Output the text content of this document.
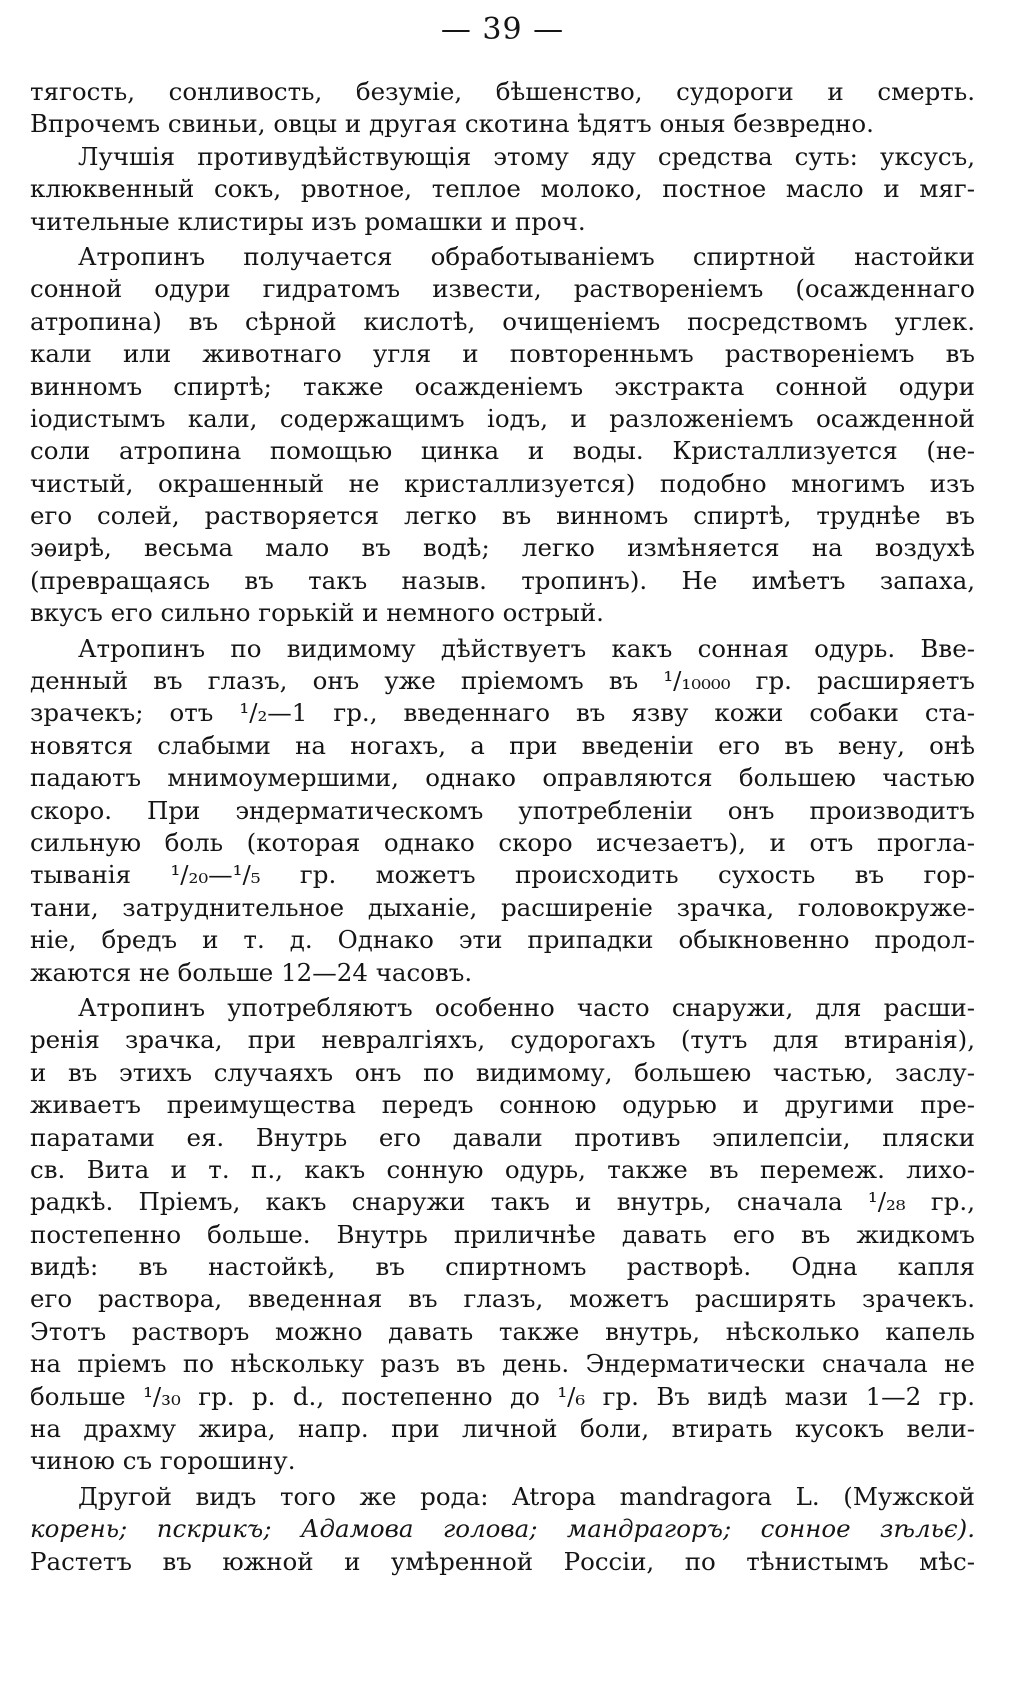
— 39 —
тягость, сонливость, безуміе, бѣшенство, судороги и смерть.
Впрочемъ свиньи, овцы и другая скотина ѣдятъ оныя безвредно.
Лучшія противудѣйствующія этому яду средства суть: уксусъ,
клюквенный сокъ, рвотное, теплое молоко, постное масло и мяг-
чительные клистиры изъ ромашки и проч.
Атропинъ получается обработываніемъ спиртной настойки
сонной одури гидратомъ извести, раствореніемъ (осажденнаго
атропина) въ сѣрной кислотѣ, очищеніемъ посредствомъ углек.
кали или животнаго угля и повторенньмъ раствореніемъ въ
винномъ спиртѣ; также осажденіемъ экстракта сонной одури
іодистымъ кали, содержащимъ іодъ, и разложеніемъ осажденной
соли атропина помощью цинка и воды. Кристаллизуется (не-
чистый, окрашенный не кристаллизуется) подобно многимъ изъ
его солей, растворяется легко въ винномъ спиртѣ, труднѣе въ
эѳирѣ, весьма мало въ водѣ; легко измѣняется на воздухѣ
(превращаясь въ такъ назыв. тропинъ). Не имѣетъ запаха,
вкусъ его сильно горькій и немного острый.
Атропинъ по видимому дѣйствуетъ какъ сонная одурь. Вве-
денный въ глазъ, онъ уже пріемомъ въ ¹/₁₀₀₀₀ гр. расширяетъ
зрачекъ; отъ ¹/₂—1 гр., введеннаго въ язву кожи собаки ста-
новятся слабыми на ногахъ, а при введеніи его въ вену, онѣ
падаютъ мнимоумершими, однако оправляются большею частью
скоро. При эндерматическомъ употребленіи онъ производитъ
сильную боль (которая однако скоро исчезаетъ), и отъ прогла-
тыванія ¹/₂₀—¹/₅ гр. можетъ происходить сухость въ гор-
тани, затруднительное дыханіе, расширеніе зрачка, головокруже-
ніе, бредъ и т. д. Однако эти припадки обыкновенно продол-
жаются не больше 12—24 часовъ.
Атропинъ употребляютъ особенно часто снаружи, для расши-
ренія зрачка, при невралгіяхъ, судорогахъ (тутъ для втиранія),
и въ этихъ случаяхъ онъ по видимому, большею частью, заслу-
живаетъ преимущества передъ сонною одурью и другими пре-
паратами ея. Внутрь его давали противъ эпилепсіи, пляски
св. Вита и т. п., какъ сонную одурь, также въ перемеж. лихо-
радкѣ. Пріемъ, какъ снаружи такъ и внутрь, сначала ¹/₂₈ гр.,
постепенно больше. Внутрь приличнѣе давать его въ жидкомъ
видѣ: въ настойкѣ, въ спиртномъ растворѣ. Одна капля
его раствора, введенная въ глазъ, можетъ расширять зрачекъ.
Этотъ растворъ можно давать также внутрь, нѣсколько капель
на пріемъ по нѣскольку разъ въ день. Эндерматически сначала не
больше ¹/₃₀ гр. p. d., постепенно до ¹/₆ гр. Въ видѣ мази 1—2 гр.
на драхму жира, напр. при личной боли, втирать кусокъ вели-
чиною съ горошину.
Другой видъ того же рода: Atropa mandragora L. (Мужской
корень; пскрикъ; Адамова голова; мандрагоръ; сонное зѣльє).
Растетъ въ южной и умѣренной Россіи, по тѣнистымъ мѣс-
